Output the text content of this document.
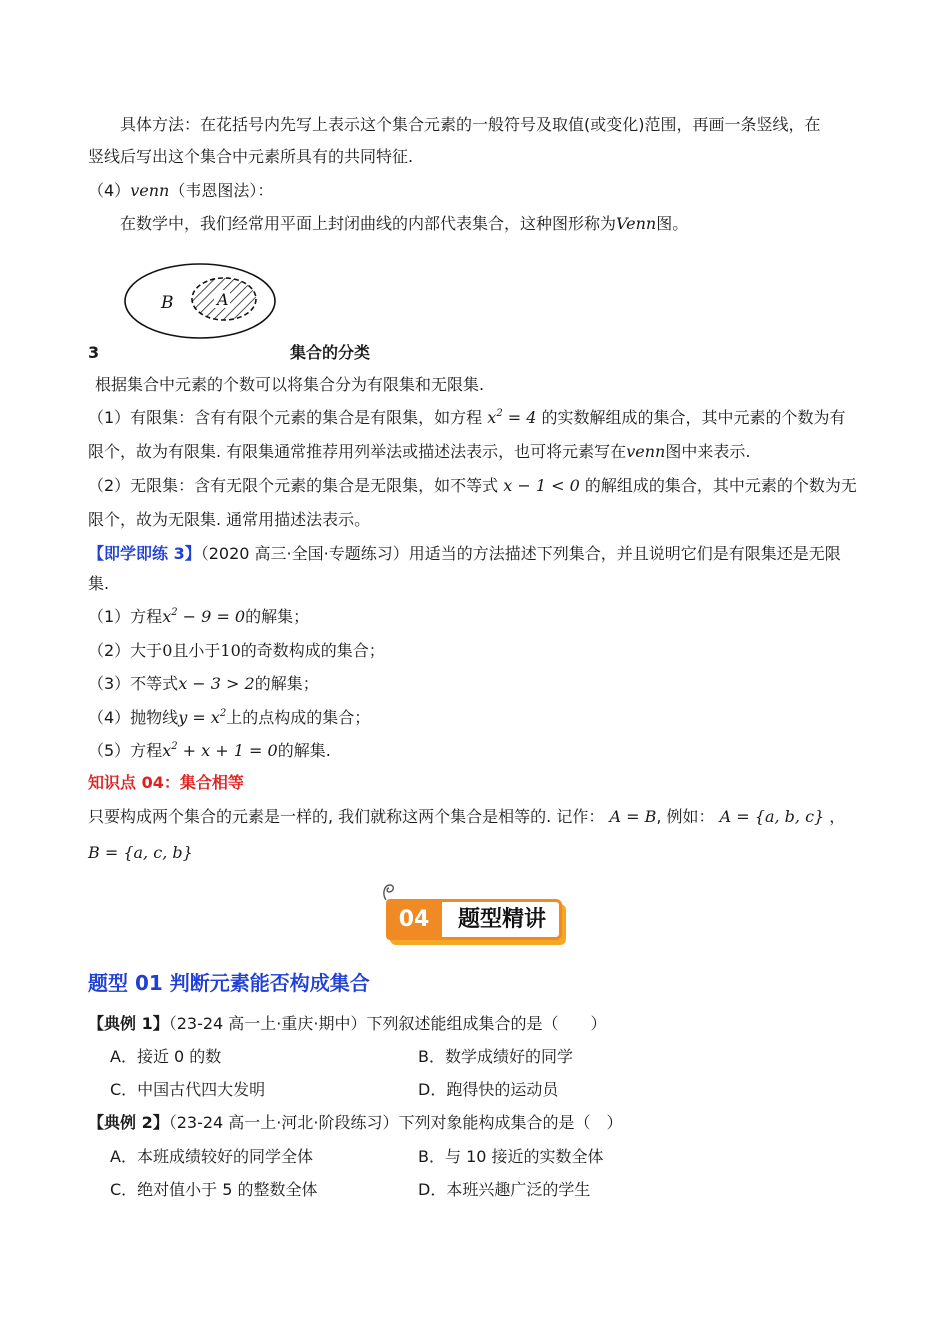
具体方法：在花括号内先写上表示这个集合元素的一般符号及取值(或变化)范围，再画一条竖线，在
竖线后写出这个集合中元素所具有的共同特征.
（4）venn（韦恩图法）：
在数学中，我们经常用平面上封闭曲线的内部代表集合，这种图形称为Venn图。
B	A
3	集合的分类
根据集合中元素的个数可以将集合分为有限集和无限集.
（1）有限集：含有有限个元素的集合是有限集，如方程 $x^2 = 4$ 的实数解组成的集合，其中元素的个数为有
限个，故为有限集. 有限集通常推荐用列举法或描述法表示，也可将元素写在venn图中来表示.
（2）无限集：含有无限个元素的集合是无限集，如不等式 x − 1 < 0 的解组成的集合，其中元素的个数为无
限个，故为无限集. 通常用描述法表示。
【即学即练 3】（2020 高三·全国·专题练习）用适当的方法描述下列集合，并且说明它们是有限集还是无限
集.
（1）方程$x^2 - 9 = 0$的解集；
（2）大于0且小于10的奇数构成的集合；
（3）不等式x − 3 > 2的解集；
（4）抛物线$y = x^2$上的点构成的集合；
（5）方程$x^2 + x + 1 = 0$的解集.
知识点 04：集合相等
只要构成两个集合的元素是一样的, 我们就称这两个集合是相等的. 记作： A = B, 例如： A = {a, b, c} ，
B = {a, c, b}
04	题型精讲
题型 01 判断元素能否构成集合
【典例 1】（23-24 高一上·重庆·期中）下列叙述能组成集合的是（　　）
A．接近 0 的数	B．数学成绩好的同学
C．中国古代四大发明	D．跑得快的运动员
【典例 2】（23-24 高一上·河北·阶段练习）下列对象能构成集合的是（　）
A．本班成绩较好的同学全体	B．与 10 接近的实数全体
C．绝对值小于 5 的整数全体	D．本班兴趣广泛的学生
